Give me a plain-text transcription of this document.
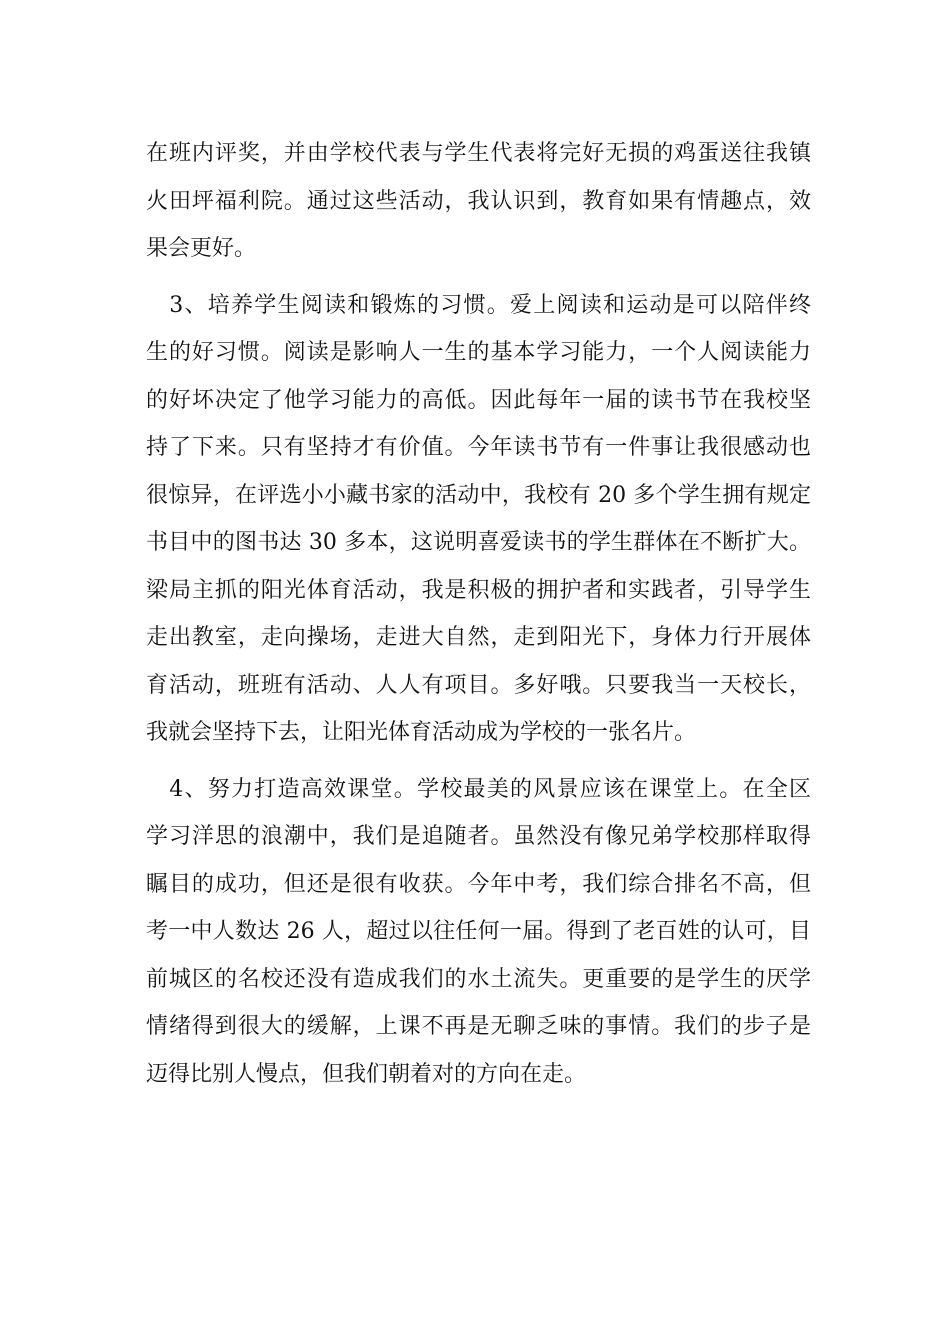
在班内评奖，并由学校代表与学生代表将完好无损的鸡蛋送往我镇
火田坪福利院。通过这些活动，我认识到，教育如果有情趣点，效
果会更好。
　3、培养学生阅读和锻炼的习惯。爱上阅读和运动是可以陪伴终
生的好习惯。阅读是影响人一生的基本学习能力，一个人阅读能力
的好坏决定了他学习能力的高低。因此每年一届的读书节在我校坚
持了下来。只有坚持才有价值。今年读书节有一件事让我很感动也
很惊异，在评选小小藏书家的活动中，我校有 20 多个学生拥有规定
书目中的图书达 30 多本，这说明喜爱读书的学生群体在不断扩大。
梁局主抓的阳光体育活动，我是积极的拥护者和实践者，引导学生
走出教室，走向操场，走进大自然，走到阳光下，身体力行开展体
育活动，班班有活动、人人有项目。多好哦。只要我当一天校长，
我就会坚持下去，让阳光体育活动成为学校的一张名片。
　4、努力打造高效课堂。学校最美的风景应该在课堂上。在全区
学习洋思的浪潮中，我们是追随者。虽然没有像兄弟学校那样取得
瞩目的成功，但还是很有收获。今年中考，我们综合排名不高，但
考一中人数达 26 人，超过以往任何一届。得到了老百姓的认可，目
前城区的名校还没有造成我们的水土流失。更重要的是学生的厌学
情绪得到很大的缓解，上课不再是无聊乏味的事情。我们的步子是
迈得比别人慢点，但我们朝着对的方向在走。
